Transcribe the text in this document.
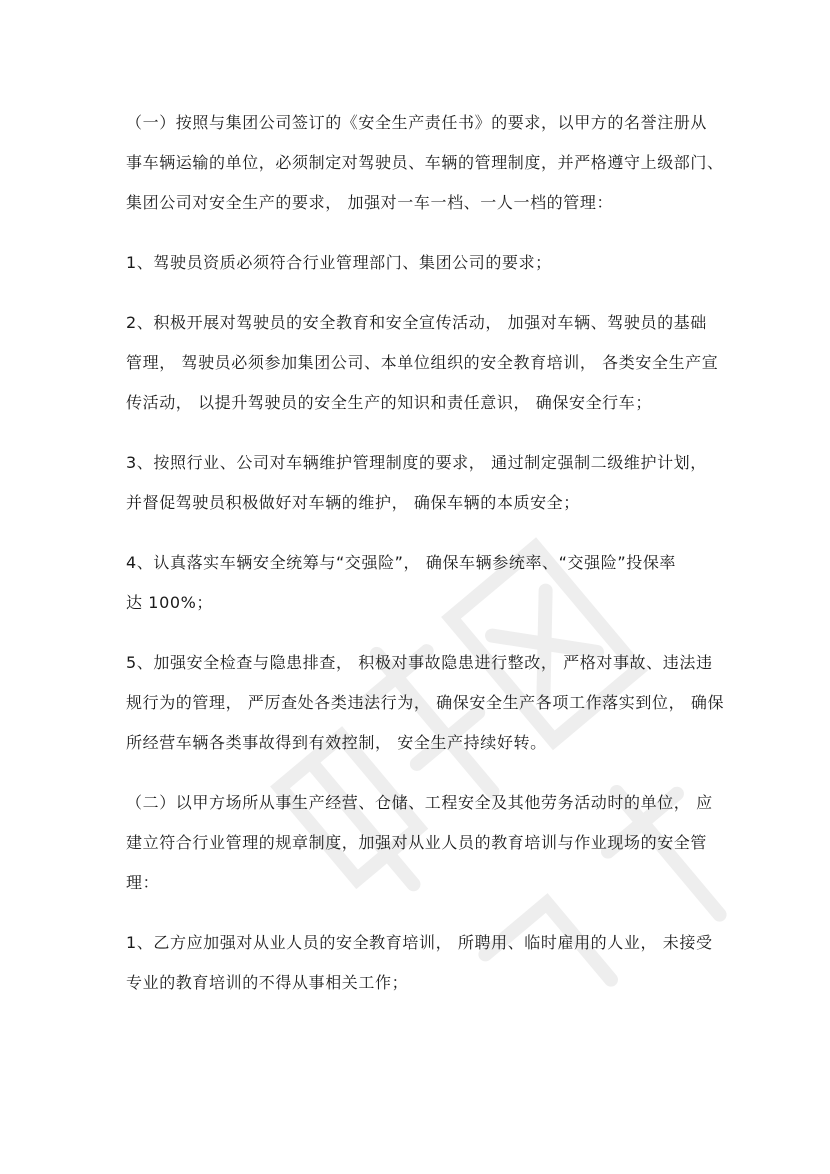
（一）按照与集团公司签订的《安全生产责任书》的要求，以甲方的名誉注册从
事车辆运输的单位，必须制定对驾驶员、车辆的管理制度，并严格遵守上级部门、
集团公司对安全生产的要求， 加强对一车一档、一人一档的管理：

1、驾驶员资质必须符合行业管理部门、集团公司的要求；

2、积极开展对驾驶员的安全教育和安全宣传活动， 加强对车辆、驾驶员的基础
管理， 驾驶员必须参加集团公司、本单位组织的安全教育培训， 各类安全生产宣
传活动， 以提升驾驶员的安全生产的知识和责任意识， 确保安全行车；

3、按照行业、公司对车辆维护管理制度的要求， 通过制定强制二级维护计划，
并督促驾驶员积极做好对车辆的维护， 确保车辆的本质安全；

4、认真落实车辆安全统筹与“交强险”， 确保车辆参统率、“交强险”投保率
达 100%；

5、加强安全检查与隐患排查， 积极对事故隐患进行整改， 严格对事故、违法违
规行为的管理， 严厉查处各类违法行为， 确保安全生产各项工作落实到位， 确保
所经营车辆各类事故得到有效控制， 安全生产持续好转。

（二）以甲方场所从事生产经营、仓储、工程安全及其他劳务活动时的单位， 应
建立符合行业管理的规章制度，加强对从业人员的教育培训与作业现场的安全管
理：

1、乙方应加强对从业人员的安全教育培训， 所聘用、临时雇用的人业， 未接受
专业的教育培训的不得从事相关工作；
